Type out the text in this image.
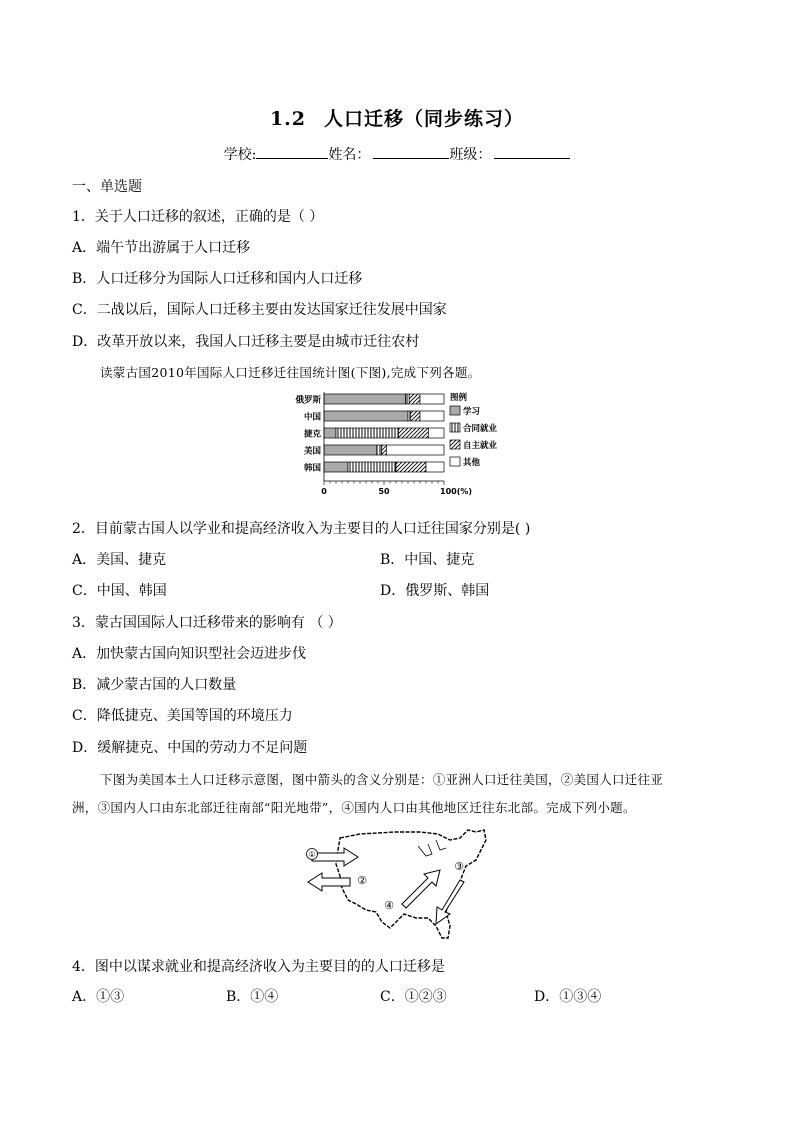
1.2 人口迁移（同步练习）
学校:	姓名：	班级：
一、单选题
1．关于人口迁移的叙述，正确的是（ ）
A．端午节出游属于人口迁移
B．人口迁移分为国际人口迁移和国内人口迁移
C．二战以后，国际人口迁移主要由发达国家迁往发展中国家
D．改革开放以来，我国人口迁移主要是由城市迁往农村
读蒙古国2010年国际人口迁移迁往国统计图(下图),完成下列各题。
俄罗斯
中国
捷克
美国
韩国
0	50	100(%)
图例
学习
合同就业
自主就业
其他
2．目前蒙古国人以学业和提高经济收入为主要目的人口迁往国家分别是( )
A．美国、捷克	B．中国、捷克
C．中国、韩国	D．俄罗斯、韩国
3．蒙古国国际人口迁移带来的影响有 （ ）
A．加快蒙古国向知识型社会迈进步伐
B．减少蒙古国的人口数量
C．降低捷克、美国等国的环境压力
D．缓解捷克、中国的劳动力不足问题
下图为美国本土人口迁移示意图，图中箭头的含义分别是：①亚洲人口迁往美国，②美国人口迁往亚
洲，③国内人口由东北部迁往南部“阳光地带”，④国内人口由其他地区迁往东北部。完成下列小题。
①
②
③
④
4．图中以谋求就业和提高经济收入为主要目的的人口迁移是
A．①③	B．①④	C．①②③	D．①③④
